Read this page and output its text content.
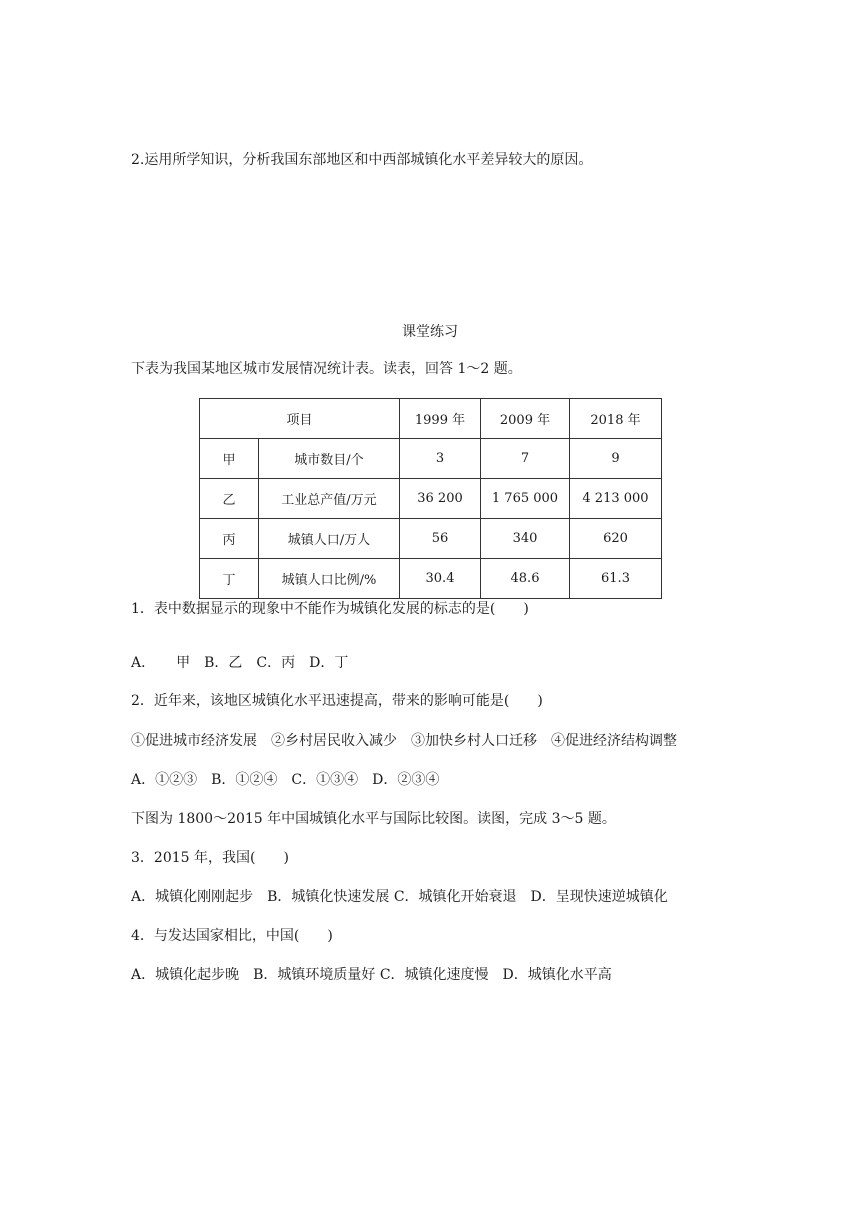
2.运用所学知识，分析我国东部地区和中西部城镇化水平差异较大的原因。
课堂练习
下表为我国某地区城市发展情况统计表。读表，回答 1～2 题。
项目		1999 年	2009 年	2018 年
甲	城市数目/个	3	7	9
乙	工业总产值/万元	36 200	1 765 000	4 213 000
丙	城镇人口/万人	56	340	620
丁	城镇人口比例/%	30.4	48.6	61.3
1．表中数据显示的现象中不能作为城镇化发展的标志的是(　　)
A．　　甲　B．乙　C．丙　D．丁
2．近年来，该地区城镇化水平迅速提高，带来的影响可能是(　　)
①促进城市经济发展　②乡村居民收入减少　③加快乡村人口迁移　④促进经济结构调整
A．①②③　B．①②④　C．①③④　D．②③④
下图为 1800～2015 年中国城镇化水平与国际比较图。读图，完成 3～5 题。
3．2015 年，我国(　　)
A．城镇化刚刚起步　B．城镇化快速发展 C．城镇化开始衰退　D．呈现快速逆城镇化
4．与发达国家相比，中国(　　)
A．城镇化起步晚　B．城镇环境质量好 C．城镇化速度慢　D．城镇化水平高
